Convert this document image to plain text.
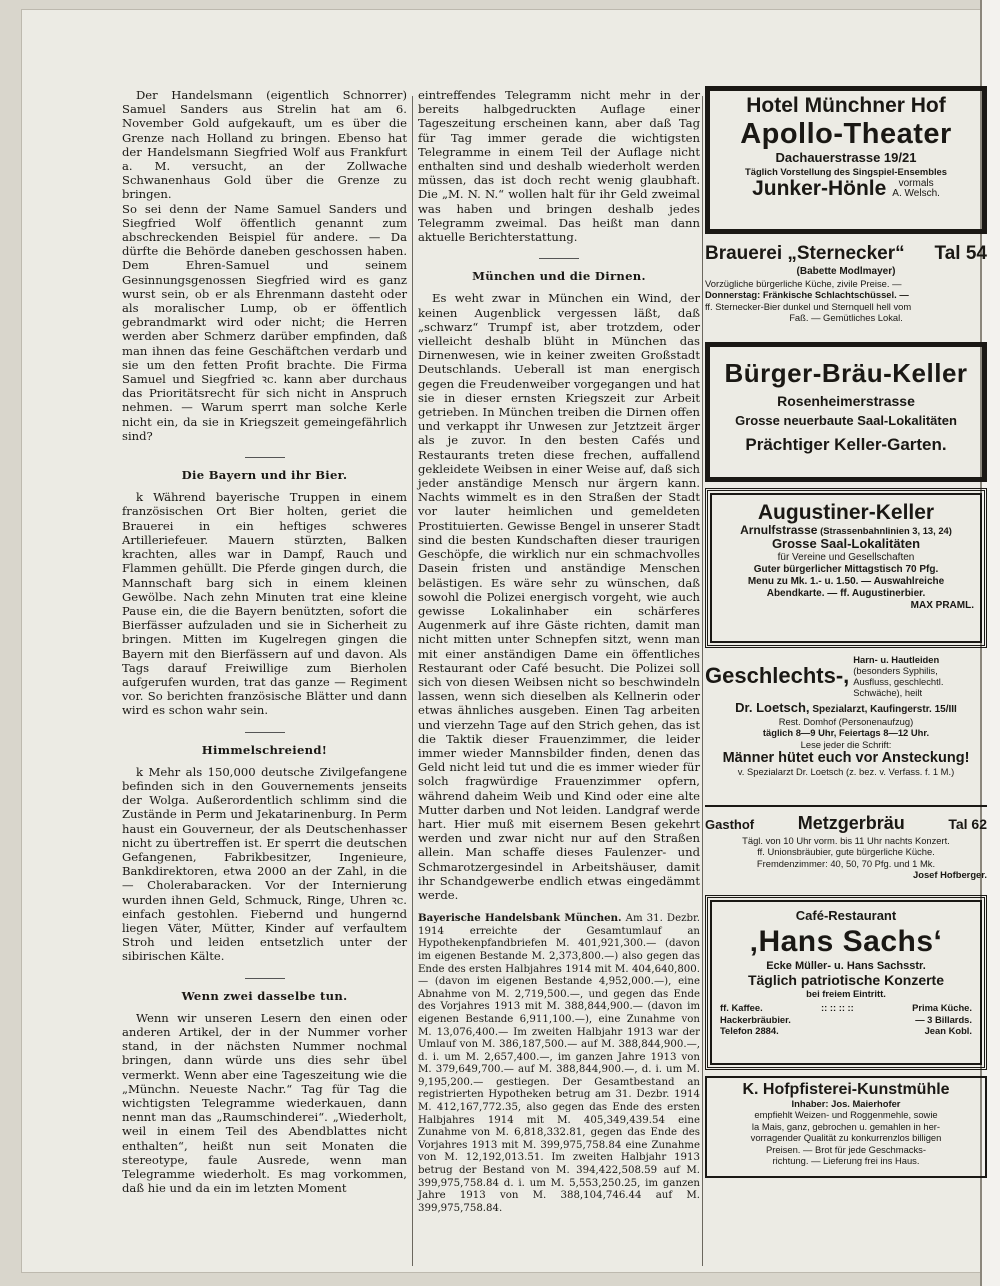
Der Handelsmann (eigentlich Schnorrer) Samuel Sanders aus Strelin hat am 6. November Gold aufgekauft, um es über die Grenze nach Holland zu bringen. Ebenso hat der Handelsmann Siegfried Wolf aus Frankfurt a. M. versucht, an der Zollwache Schwanenhaus Gold über die Grenze zu bringen.

So sei denn der Name Samuel Sanders und Siegfried Wolf öffentlich genannt zum abschreckenden Beispiel für andere. — Da dürfte die Behörde daneben geschossen haben. Dem Ehren-Samuel und seinem Gesinnungsgenossen Siegfried wird es ganz wurst sein, ob er als Ehrenmann dasteht oder als moralischer Lump, ob er öffentlich gebrandmarkt wird oder nicht; die Herren werden aber Schmerz darüber empfinden, daß man ihnen das feine Geschäftchen verdarb und sie um den fetten Profit brachte. Die Firma Samuel und Siegfried ꝛc. kann aber durchaus das Prioritätsrecht für sich nicht in Anspruch nehmen. — Warum sperrt man solche Kerle nicht ein, da sie in Kriegszeit gemeingefährlich sind?

Die Bayern und ihr Bier.

k Während bayerische Truppen in einem französischen Ort Bier holten, geriet die Brauerei in ein heftiges schweres Artilleriefeuer. Mauern stürzten, Balken krachten, alles war in Dampf, Rauch und Flammen gehüllt. Die Pferde gingen durch, die Mannschaft barg sich in einem kleinen Gewölbe. Nach zehn Minuten trat eine kleine Pause ein, die die Bayern benützten, sofort die Bierfässer aufzuladen und sie in Sicherheit zu bringen. Mitten im Kugelregen gingen die Bayern mit den Bierfässern auf und davon. Als Tags darauf Freiwillige zum Bierholen aufgerufen wurden, trat das ganze — Regiment vor. So berichten französische Blätter und dann wird es schon wahr sein.

Himmelschreiend!

k Mehr als 150,000 deutsche Zivilgefangene befinden sich in den Gouvernements jenseits der Wolga. Außerordentlich schlimm sind die Zustände in Perm und Jekatarinenburg. In Perm haust ein Gouverneur, der als Deutschenhasser nicht zu übertreffen ist. Er sperrt die deutschen Gefangenen, Fabrikbesitzer, Ingenieure, Bankdirektoren, etwa 2000 an der Zahl, in die — Cholerabaracken. Vor der Internierung wurden ihnen Geld, Schmuck, Ringe, Uhren ꝛc. einfach gestohlen. Fiebernd und hungernd liegen Väter, Mütter, Kinder auf verfaultem Stroh und leiden entsetzlich unter der sibirischen Kälte.

Wenn zwei dasselbe tun.

Wenn wir unseren Lesern den einen oder anderen Artikel, der in der Nummer vorher stand, in der nächsten Nummer nochmal bringen, dann würde uns dies sehr übel vermerkt. Wenn aber eine Tageszeitung wie die „Münchn. Neueste Nachr.“ Tag für Tag die wichtigsten Telegramme wiederkauen, dann nennt man das „Raumschinderei“. „Wiederholt, weil in einem Teil des Abendblattes nicht enthalten“, heißt nun seit Monaten die stereotype, faule Ausrede, wenn man Telegramme wiederholt. Es mag vorkommen, daß hie und da ein im letzten Moment

eintreffendes Telegramm nicht mehr in der bereits halbgedruckten Auflage einer Tageszeitung erscheinen kann, aber daß Tag für Tag immer gerade die wichtigsten Telegramme in einem Teil der Auflage nicht enthalten sind und deshalb wiederholt werden müssen, das ist doch recht wenig glaubhaft. Die „M. N. N.“ wollen halt für ihr Geld zweimal was haben und bringen deshalb jedes Telegramm zweimal. Das heißt man dann aktuelle Berichterstattung.

München und die Dirnen.

Es weht zwar in München ein Wind, der keinen Augenblick vergessen läßt, daß „schwarz“ Trumpf ist, aber trotzdem, oder vielleicht deshalb blüht in München das Dirnenwesen, wie in keiner zweiten Großstadt Deutschlands. Ueberall ist man energisch gegen die Freudenweiber vorgegangen und hat sie in dieser ernsten Kriegszeit zur Arbeit getrieben. In München treiben die Dirnen offen und verkappt ihr Unwesen zur Jetztzeit ärger als je zuvor. In den besten Cafés und Restaurants treten diese frechen, auffallend gekleidete Weibsen in einer Weise auf, daß sich jeder anständige Mensch nur ärgern kann. Nachts wimmelt es in den Straßen der Stadt vor lauter heimlichen und gemeldeten Prostituierten. Gewisse Bengel in unserer Stadt sind die besten Kundschaften dieser traurigen Geschöpfe, die wirklich nur ein schmachvolles Dasein fristen und anständige Menschen belästigen. Es wäre sehr zu wünschen, daß sowohl die Polizei energisch vorgeht, wie auch gewisse Lokalinhaber ein schärferes Augenmerk auf ihre Gäste richten, damit man nicht mitten unter Schnepfen sitzt, wenn man mit einer anständigen Dame ein öffentliches Restaurant oder Café besucht. Die Polizei soll sich von diesen Weibsen nicht so beschwindeln lassen, wenn sich dieselben als Kellnerin oder etwas ähnliches ausgeben. Einen Tag arbeiten und vierzehn Tage auf den Strich gehen, das ist die Taktik dieser Frauenzimmer, die leider immer wieder Mannsbilder finden, denen das Geld nicht leid tut und die es immer wieder für solch fragwürdige Frauenzimmer opfern, während daheim Weib und Kind oder eine alte Mutter darben und Not leiden. Landgraf werde hart. Hier muß mit eisernem Besen gekehrt werden und zwar nicht nur auf den Straßen allein. Man schaffe dieses Faulenzer- und Schmarotzergesindel in Arbeitshäuser, damit ihr Schandgewerbe endlich etwas eingedämmt werde.

Bayerische Handelsbank München. Am 31. Dezbr. 1914 erreichte der Gesamtumlauf an Hypothekenpfandbriefen M. 401,921,300.— (davon im eigenen Bestande M. 2,373,800.—) also gegen das Ende des ersten Halbjahres 1914 mit M. 404,640,800.— (davon im eigenen Bestande 4,952,000.—), eine Abnahme von M. 2,719,500.—, und gegen das Ende des Vorjahres 1913 mit M. 388,844,900.— (davon im eigenen Bestande 6,911,100.—), eine Zunahme von M. 13,076,400.— Im zweiten Halbjahr 1913 war der Umlauf von M. 386,187,500.— auf M. 388,844,900.—, d. i. um M. 2,657,400.—, im ganzen Jahre 1913 von M. 379,649,700.— auf M. 388,844,900.—, d. i. um M. 9,195,200.— gestiegen. Der Gesamtbestand an registrierten Hypotheken betrug am 31. Dezbr. 1914 M. 412,167,772.35, also gegen das Ende des ersten Halbjahres 1914 mit M. 405,349,439.54 eine Zunahme von M. 6,818,332.81, gegen das Ende des Vorjahres 1913 mit M. 399,975,758.84 eine Zunahme von M. 12,192,013.51. Im zweiten Halbjahr 1913 betrug der Bestand von M. 394,422,508.59 auf M. 399,975,758.84 d. i. um M. 5,553,250.25, im ganzen Jahre 1913 von M. 388,104,746.44 auf M. 399,975,758.84.
Hotel Münchner Hof
Apollo-Theater
Dachauerstrasse 19/21
Täglich Vorstellung des Singspiel-Ensembles
Junker-Hönle	vormals
A. Welsch.
Brauerei „Sternecker“ Tal 54
(Babette Modlmayer)
Vorzügliche bürgerliche Küche, zivile Preise. —
Donnerstag: Fränkische Schlachtschüssel. —
ff. Sternecker-Bier dunkel und Sternquell hell vom
Faß. — Gemütliches Lokal.
Bürger-Bräu-Keller
Rosenheimerstrasse
Grosse neuerbaute Saal-Lokalitäten
Prächtiger Keller-Garten.
Augustiner-Keller
Arnulfstrasse (Strassenbahnlinien 3, 13, 24)
Grosse Saal-Lokalitäten
für Vereine und Gesellschaften
Guter bürgerlicher Mittagstisch 70 Pfg.
Menu zu Mk. 1.- u. 1.50. — Auswahlreiche
Abendkarte. — ff. Augustinerbier.
MAX PRAML.
Geschlechts-,
Harn- u. Hautleiden
(besonders Syphilis,
Ausfluss, geschlechtl.
Schwäche), heilt
Dr. Loetsch, Spezialarzt, Kaufingerstr. 15/III
Rest. Domhof (Personenaufzug)
täglich 8—9 Uhr, Feiertags 8—12 Uhr.
Lese jeder die Schrift:
Männer hütet euch vor Ansteckung!
v. Spezialarzt Dr. Loetsch (z. bez. v. Verfass. f. 1 M.)
Gasthof Metzgerbräu	Tal 62
Tägl. von 10 Uhr vorm. bis 11 Uhr nachts Konzert.
ff. Unionsbräubier, gute bürgerliche Küche.
Fremdenzimmer: 40, 50, 70 Pfg. und 1 Mk.
Josef Hofberger.
Café-Restaurant
‚Hans Sachs‘
Ecke Müller- u. Hans Sachsstr.
Täglich patriotische Konzerte
bei freiem Eintritt.
ff. Kaffee.	:: :: :: ::	Prima Küche.
Hackerbräubier.	— 3 Billards.
Telefon 2884.	Jean Kobl.
K. Hofpfisterei-Kunstmühle
Inhaber: Jos. Maierhofer
empfiehlt Weizen- und Roggenmehle, sowie
la Mais, ganz, gebrochen u. gemahlen in her-
vorragender Qualität zu konkurrenzlos billigen
Preisen. — Brot für jede Geschmacks-
richtung. — Lieferung frei ins Haus.
